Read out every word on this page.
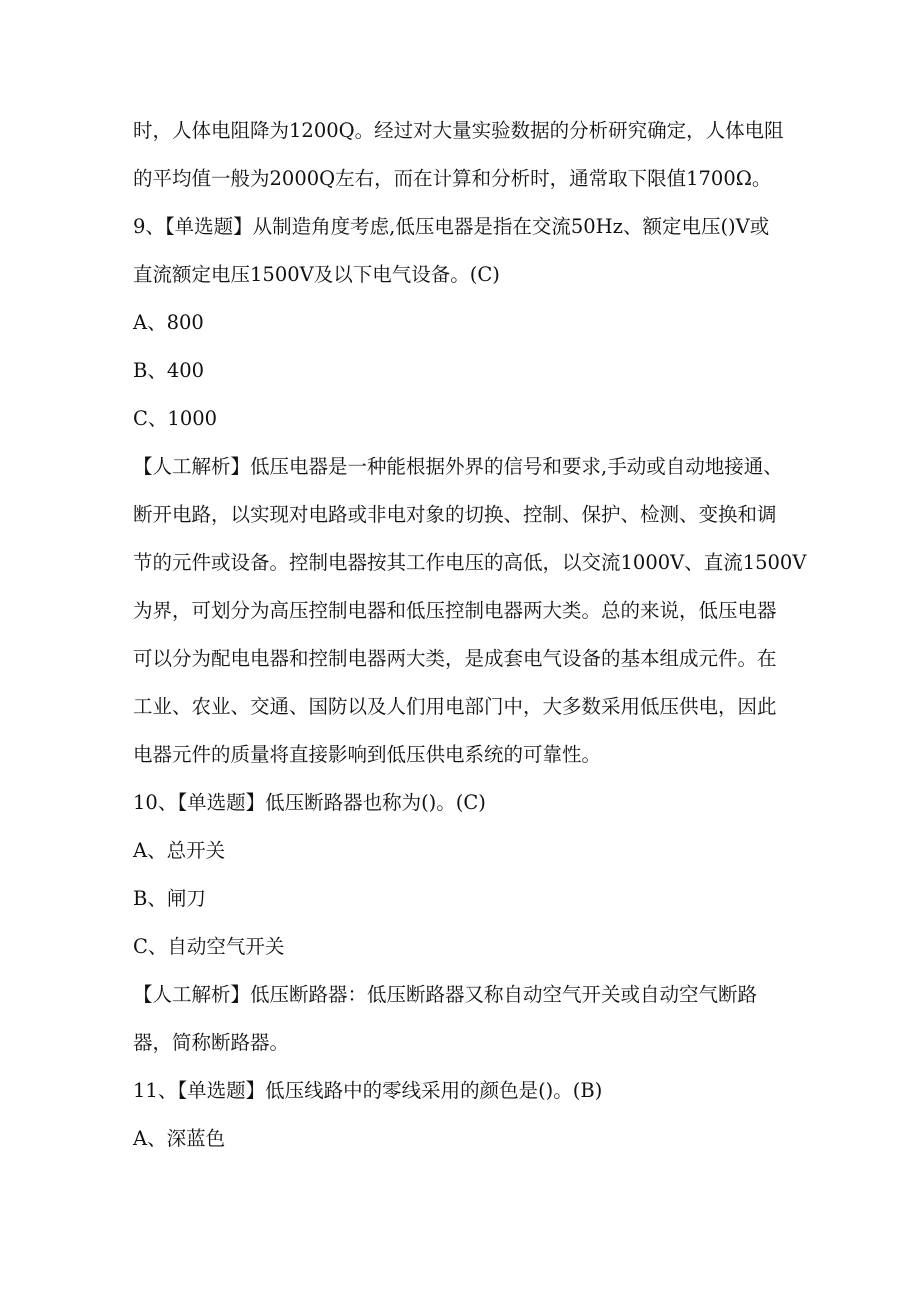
时，人体电阻降为1200Q。经过对大量实验数据的分析研究确定，人体电阻
的平均值一般为2000Q左右，而在计算和分析时，通常取下限值1700Ω。
9、【单选题】从制造角度考虑,低压电器是指在交流50Hz、额定电压()V或
直流额定电压1500V及以下电气设备。(C)
A、800
B、400
C、1000
【人工解析】低压电器是一种能根据外界的信号和要求,手动或自动地接通、
断开电路，以实现对电路或非电对象的切换、控制、保护、检测、变换和调
节的元件或设备。控制电器按其工作电压的高低，以交流1000V、直流1500V
为界，可划分为高压控制电器和低压控制电器两大类。总的来说，低压电器
可以分为配电电器和控制电器两大类，是成套电气设备的基本组成元件。在
工业、农业、交通、国防以及人们用电部门中，大多数采用低压供电，因此
电器元件的质量将直接影响到低压供电系统的可靠性。
10、【单选题】低压断路器也称为()。(C)
A、总开关
B、闸刀
C、自动空气开关
【人工解析】低压断路器：低压断路器又称自动空气开关或自动空气断路
器，简称断路器。
11、【单选题】低压线路中的零线采用的颜色是()。(B)
A、深蓝色
